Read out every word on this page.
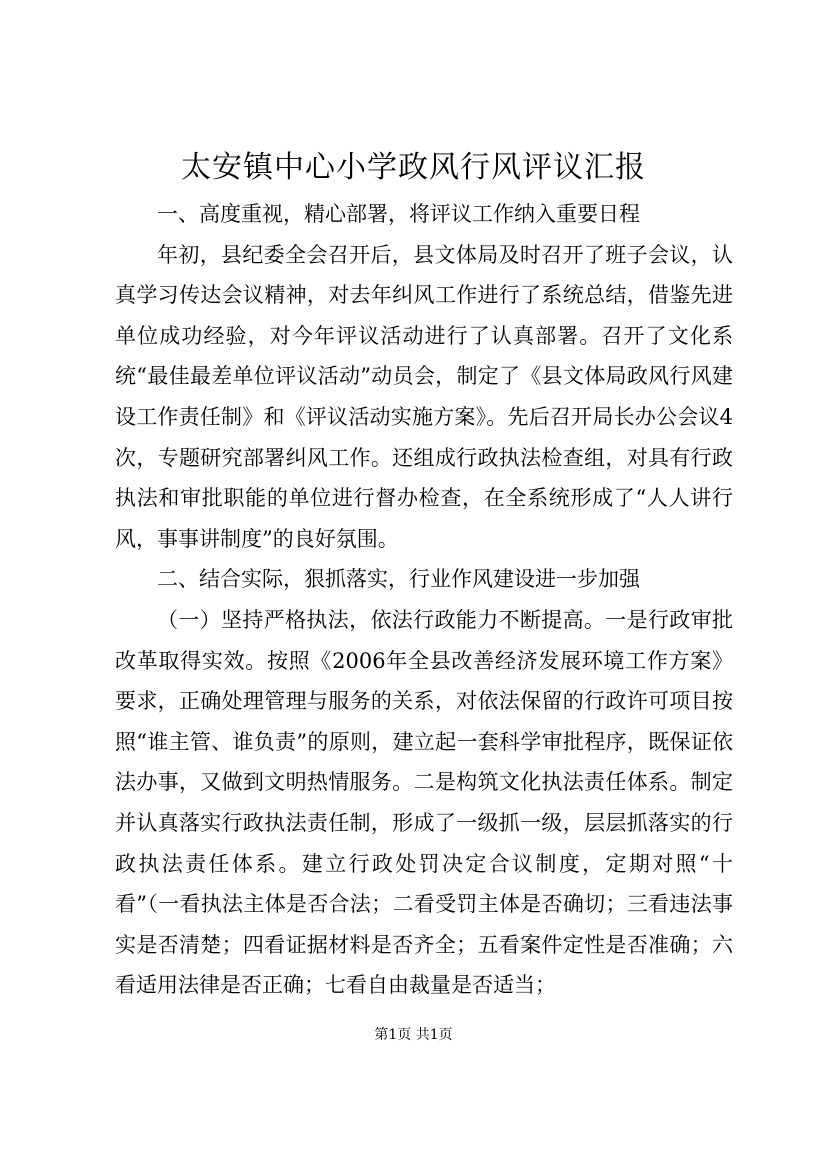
太安镇中心小学政风行风评议汇报

一、高度重视，精心部署，将评议工作纳入重要日程

年初，县纪委全会召开后，县文体局及时召开了班子会议，认真学习传达会议精神，对去年纠风工作进行了系统总结，借鉴先进单位成功经验，对今年评议活动进行了认真部署。召开了文化系统“最佳最差单位评议活动”动员会，制定了《县文体局政风行风建设工作责任制》和《评议活动实施方案》。先后召开局长办公会议4次，专题研究部署纠风工作。还组成行政执法检查组，对具有行政执法和审批职能的单位进行督办检查，在全系统形成了“人人讲行风，事事讲制度”的良好氛围。

二、结合实际，狠抓落实，行业作风建设进一步加强

（一）坚持严格执法，依法行政能力不断提高。一是行政审批改革取得实效。按照《2006年全县改善经济发展环境工作方案》要求，正确处理管理与服务的关系，对依法保留的行政许可项目按照“谁主管、谁负责”的原则，建立起一套科学审批程序，既保证依法办事，又做到文明热情服务。二是构筑文化执法责任体系。制定并认真落实行政执法责任制，形成了一级抓一级，层层抓落实的行政执法责任体系。建立行政处罚决定合议制度，定期对照“十看”（一看执法主体是否合法；二看受罚主体是否确切；三看违法事实是否清楚；四看证据材料是否齐全；五看案件定性是否准确；六看适用法律是否正确；七看自由裁量是否适当；

第1页 共1页
